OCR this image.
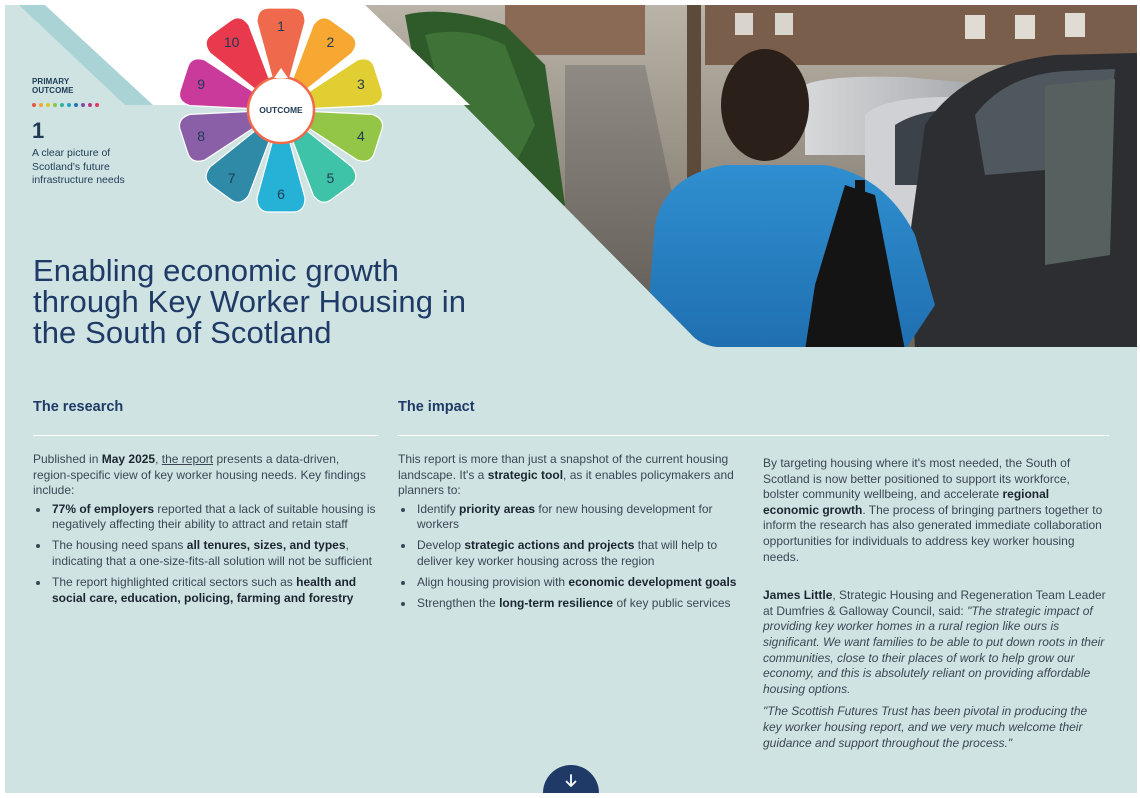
PRIMARY OUTCOME
1
A clear picture of Scotland's future infrastructure needs
1
2
3
4
5
6
7
8
9
10
OUTCOME
Enabling economic growth through Key Worker Housing in the South of Scotland
The research	The impact

Published in May 2025, the report presents a data-driven, region-specific view of key worker housing needs. Key findings include:

77% of employers reported that a lack of suitable housing is negatively affecting their ability to attract and retain staff
The housing need spans all tenures, sizes, and types, indicating that a one-size-fits-all solution will not be sufficient
The report highlighted critical sectors such as health and social care, education, policing, farming and forestry

This report is more than just a snapshot of the current housing landscape. It's a strategic tool, as it enables policymakers and planners to:

Identify priority areas for new housing development for workers
Develop strategic actions and projects that will help to deliver key worker housing across the region
Align housing provision with economic development goals
Strengthen the long-term resilience of key public services

By targeting housing where it's most needed, the South of Scotland is now better positioned to support its workforce, bolster community wellbeing, and accelerate regional economic growth. The process of bringing partners together to inform the research has also generated immediate collaboration opportunities for individuals to address key worker housing needs.

James Little, Strategic Housing and Regeneration Team Leader at Dumfries & Galloway Council, said: "The strategic impact of providing key worker homes in a rural region like ours is significant. We want families to be able to put down roots in their communities, close to their places of work to help grow our economy, and this is absolutely reliant on providing affordable housing options.

"The Scottish Futures Trust has been pivotal in producing the key worker housing report, and we very much welcome their guidance and support throughout the process."
